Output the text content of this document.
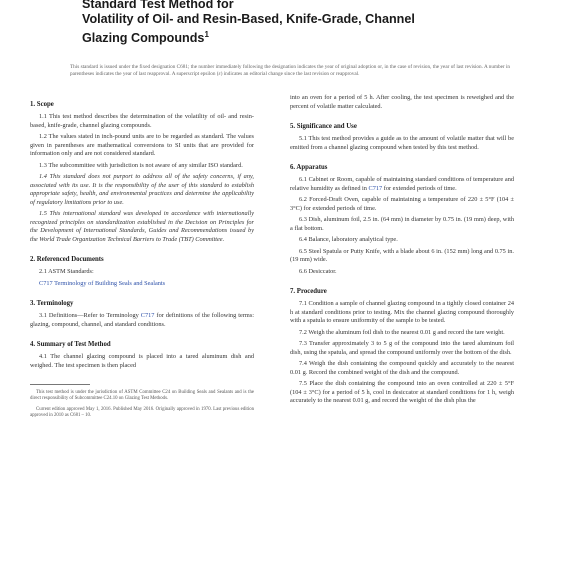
Standard Test Method for
Volatility of Oil- and Resin-Based, Knife-Grade, Channel
Glazing Compounds$^1$
This standard is issued under the fixed designation C681; the number immediately following the designation indicates the year of original adoption or, in the case of revision, the year of last revision. A number in parentheses indicates the year of last reapproval. A superscript epsilon (ε) indicates an editorial change since the last revision or reapproval.
1. Scope

1.1 This test method describes the determination of the volatility of oil- and resin-based, knife-grade, channel glazing compounds.

1.2 The values stated in inch-pound units are to be regarded as standard. The values given in parentheses are mathematical conversions to SI units that are provided for information only and are not considered standard.

1.3 The subcommittee with jurisdiction is not aware of any similar ISO standard.

1.4 This standard does not purport to address all of the safety concerns, if any, associated with its use. It is the responsibility of the user of this standard to establish appropriate safety, health, and environmental practices and determine the applicability of regulatory limitations prior to use.

1.5 This international standard was developed in accordance with internationally recognized principles on standardization established in the Decision on Principles for the Development of International Standards, Guides and Recommendations issued by the World Trade Organization Technical Barriers to Trade (TBT) Committee.

2. Referenced Documents

2.1 ASTM Standards:

C717 Terminology of Building Seals and Sealants

3. Terminology

3.1 Definitions—Refer to Terminology C717 for definitions of the following terms: glazing, compound, channel, and standard conditions.

4. Summary of Test Method

4.1 The channel glazing compound is placed into a tared aluminum dish and weighed. The test specimen is then placed

This test method is under the jurisdiction of ASTM Committee C24 on Building Seals and Sealants and is the direct responsibility of Subcommittee C24.10 on Glazing Test Methods.

Current edition approved May 1, 2016. Published May 2016. Originally approved in 1970. Last previous edition approved in 2010 as C681 – 10.

into an oven for a period of 5 h. After cooling, the test specimen is reweighed and the percent of volatile matter calculated.

5. Significance and Use

5.1 This test method provides a guide as to the amount of volatile matter that will be emitted from a channel glazing compound when tested by this test method.

6. Apparatus

6.1 Cabinet or Room, capable of maintaining standard conditions of temperature and relative humidity as defined in C717 for extended periods of time.

6.2 Forced-Draft Oven, capable of maintaining a temperature of 220 ± 5°F (104 ± 3°C) for extended periods of time.

6.3 Dish, aluminum foil, 2.5 in. (64 mm) in diameter by 0.75 in. (19 mm) deep, with a flat bottom.

6.4 Balance, laboratory analytical type.

6.5 Steel Spatula or Putty Knife, with a blade about 6 in. (152 mm) long and 0.75 in. (19 mm) wide.

6.6 Desiccator.

7. Procedure

7.1 Condition a sample of channel glazing compound in a tightly closed container 24 h at standard conditions prior to testing. Mix the channel glazing compound thoroughly with a spatula to ensure uniformity of the sample to be tested.

7.2 Weigh the aluminum foil dish to the nearest 0.01 g and record the tare weight.

7.3 Transfer approximately 3 to 5 g of the compound into the tared aluminum foil dish, using the spatula, and spread the compound uniformly over the bottom of the dish.

7.4 Weigh the dish containing the compound quickly and accurately to the nearest 0.01 g. Record the combined weight of the dish and the compound.

7.5 Place the dish containing the compound into an oven controlled at 220 ± 5°F (104 ± 3°C) for a period of 5 h, cool in desiccator at standard conditions for 1 h, weigh accurately to the nearest 0.01 g, and record the weight of the dish plus the
